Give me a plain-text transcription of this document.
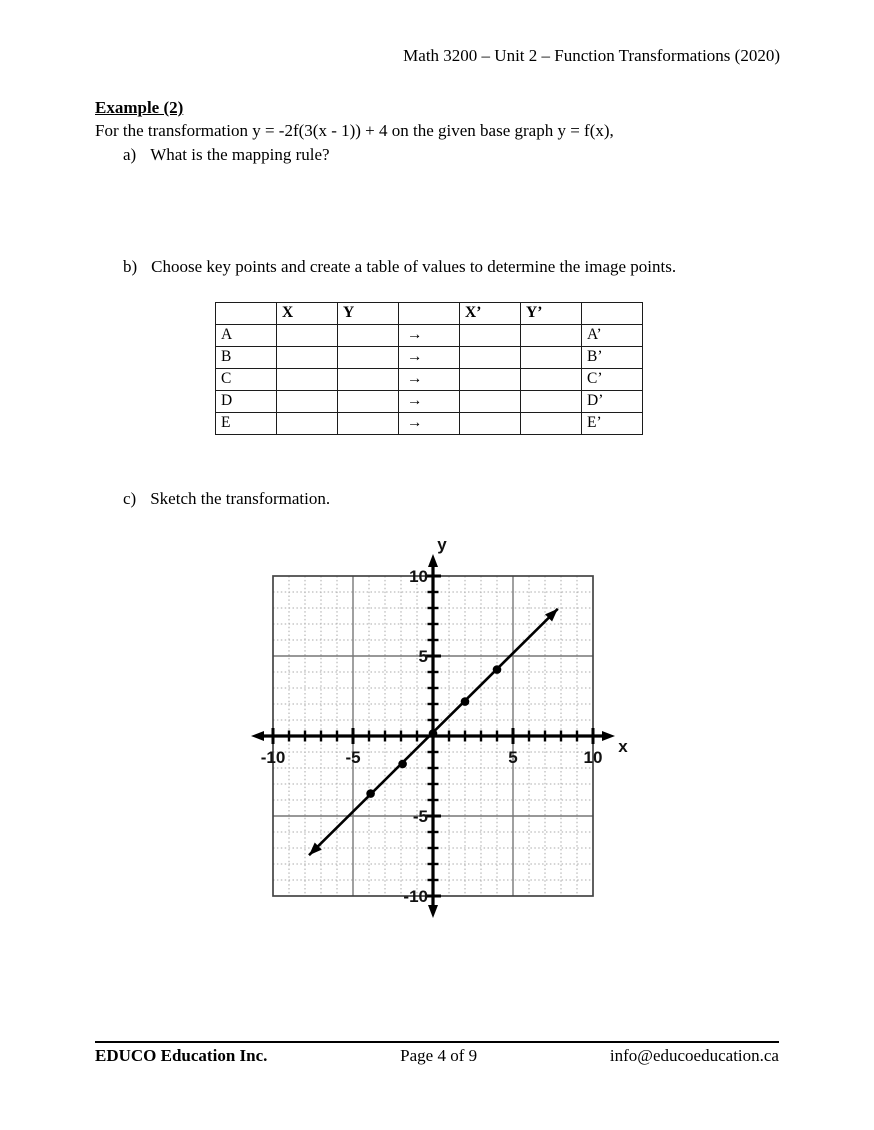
Math 3200 – Unit 2 – Function Transformations (2020)
Example (2)
For the transformation y = -2f(3(x - 1)) + 4 on the given base graph y = f(x),
a) What is the mapping rule?
b) Choose key points and create a table of values to determine the image points.
	X	Y		X’	Y’	
A			→			A’
B			→			B’
C			→			C’
D			→			D’
E			→			E’
c) Sketch the transformation.
-10	-5	5	10
10
5
-5
-10
y
x
EDUCO Education Inc.	Page 4 of 9	info@educoeducation.ca
